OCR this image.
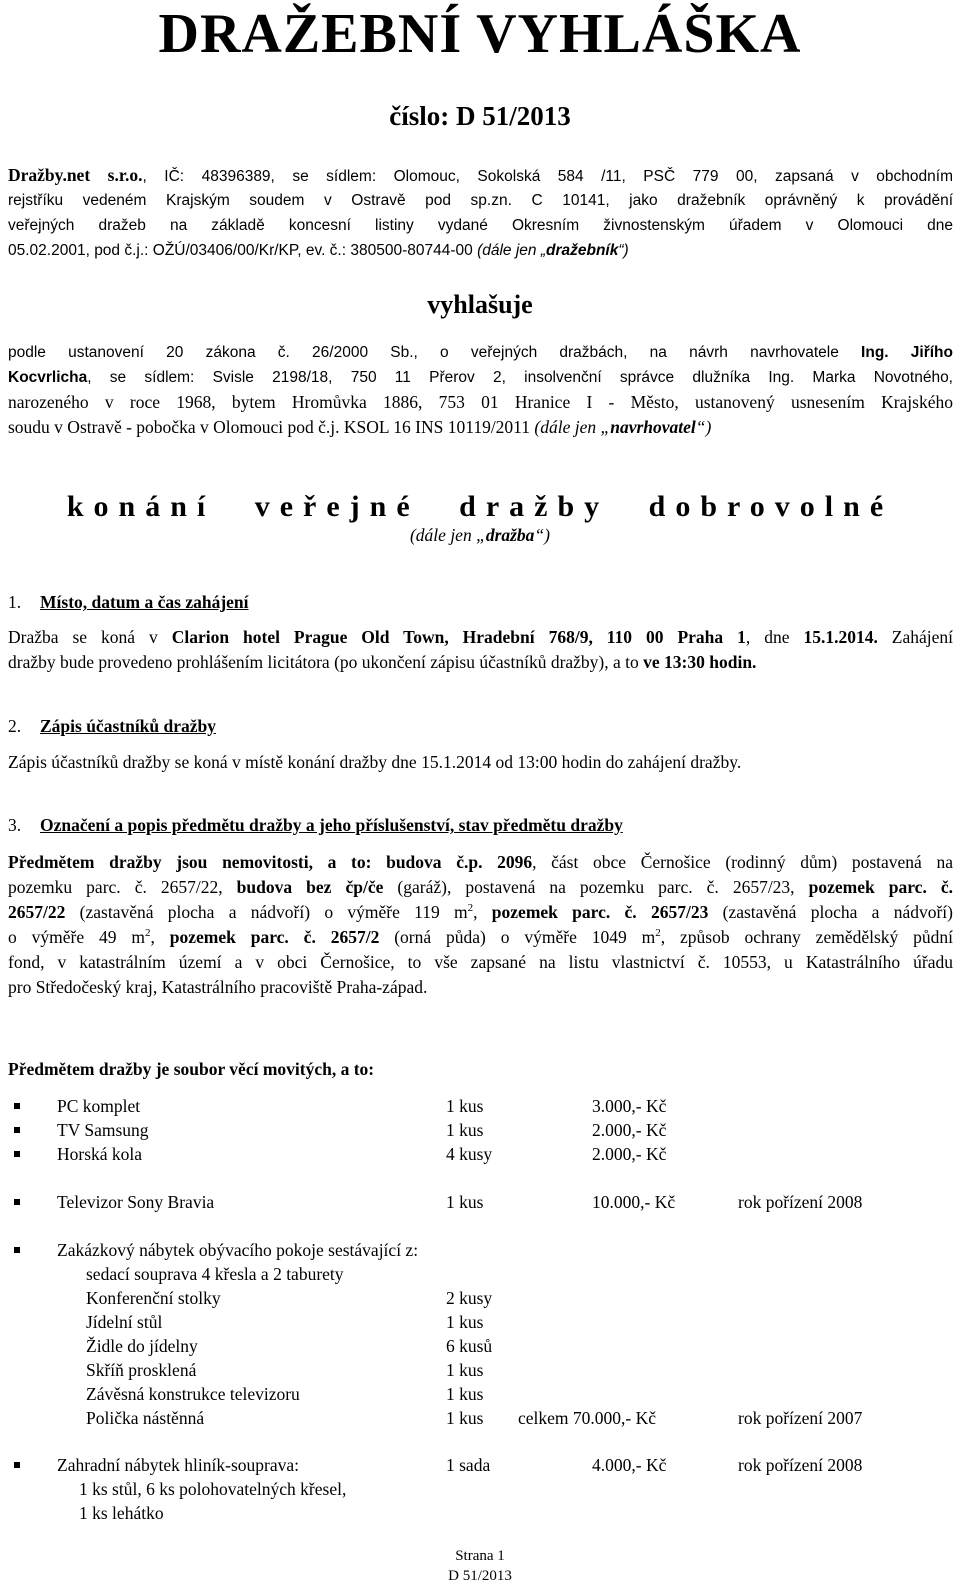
DRAŽEBNÍ VYHLÁŠKA
číslo: D 51/2013
Dražby.net s.r.o., IČ: 48396389, se sídlem: Olomouc, Sokolská 584 /11, PSČ 779 00, zapsaná v obchodním
rejstříku vedeném Krajským soudem v Ostravě pod sp.zn. C 10141, jako dražebník oprávněný k provádění
veřejných dražeb na základě koncesní listiny vydané Okresním živnostenským úřadem v Olomouci dne
05.02.2001, pod č.j.: OŽÚ/03406/00/Kr/KP, ev. č.: 380500-80744-00 (dále jen „dražebník“)
vyhlašuje
podle ustanovení 20 zákona č. 26/2000 Sb., o veřejných dražbách, na návrh navrhovatele Ing. Jiřího
Kocvrlicha, se sídlem: Svisle 2198/18, 750 11 Přerov 2, insolvenční správce dlužníka Ing. Marka Novotného,
narozeného v roce 1968, bytem Hromůvka 1886, 753 01 Hranice I - Město, ustanovený usnesením Krajského
soudu v Ostravě - pobočka v Olomouci pod č.j. KSOL 16 INS 10119/2011 (dále jen „navrhovatel“)
konání veřejné dražby dobrovolné
(dále jen „dražba“)
1. Místo, datum a čas zahájení
Dražba se koná v Clarion hotel Prague Old Town, Hradební 768/9, 110 00 Praha 1, dne 15.1.2014. Zahájení
dražby bude provedeno prohlášením licitátora (po ukončení zápisu účastníků dražby), a to ve 13:30 hodin.
2. Zápis účastníků dražby
Zápis účastníků dražby se koná v místě konání dražby dne 15.1.2014 od 13:00 hodin do zahájení dražby.
3. Označení a popis předmětu dražby a jeho příslušenství, stav předmětu dražby
Předmětem dražby jsou nemovitosti, a to: budova č.p. 2096, část obce Černošice (rodinný dům) postavená na
pozemku parc. č. 2657/22, budova bez čp/če (garáž), postavená na pozemku parc. č. 2657/23, pozemek parc. č.
2657/22 (zastavěná plocha a nádvoří) o výměře 119 $m^2$, pozemek parc. č. 2657/23 (zastavěná plocha a nádvoří)
o výměře 49 $m^2$, pozemek parc. č. 2657/2 (orná půda) o výměře 1049 $m^2$, způsob ochrany zemědělský půdní
fond, v katastrálním území a v obci Černošice, to vše zapsané na listu vlastnictví č. 10553, u Katastrálního úřadu
pro Středočeský kraj, Katastrálního pracoviště Praha-západ.
Předmětem dražby je soubor věcí movitých, a to:
PC komplet	1 kus	3.000,- Kč
TV Samsung	1 kus	2.000,- Kč
Horská kola	4 kusy	2.000,- Kč
Televizor Sony Bravia	1 kus	10.000,- Kč	rok pořízení 2008
Zakázkový nábytek obývacího pokoje sestávající z:
sedací souprava 4 křesla a 2 taburety
Konferenční stolky	2 kusy
Jídelní stůl	1 kus
Židle do jídelny	6 kusů
Skříň prosklená	1 kus
Závěsná konstrukce televizoru	1 kus
Polička nástěnná	1 kus celkem 70.000,- Kč	rok pořízení 2007
Zahradní nábytek hliník-souprava:	1 sada	4.000,- Kč	rok pořízení 2008
1 ks stůl, 6 ks polohovatelných křesel,
1 ks lehátko
Strana 1
D 51/2013
